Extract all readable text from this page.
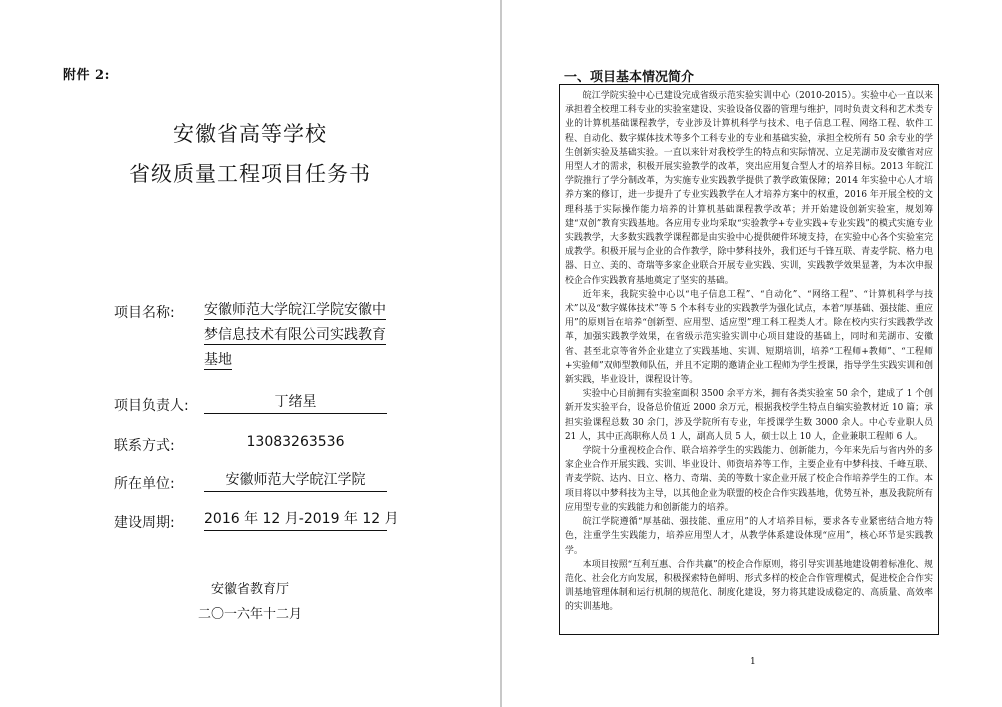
附件 2:
安徽省高等学校
省级质量工程项目任务书
项目名称: 安徽师范大学皖江学院安徽中梦信息技术有限公司实践教育基地
项目负责人:	丁绪星
联系方式:	13083263536
所在单位:	安徽师范大学皖江学院
建设周期: 2016 年 12 月-2019 年 12 月
安徽省教育厅
二〇一六年十二月
一、项目基本情况简介

皖江学院实验中心已建设完成省级示范实验实训中心（2010-2015）。实验中心一直以来承担着全校理工科专业的实验室建设、实验设备仪器的管理与维护，同时负责文科和艺术类专业的计算机基础课程教学，专业涉及计算机科学与技术、电子信息工程、网络工程、软件工程、自动化、数字媒体技术等多个工科专业的专业和基础实验，承担全校所有 50 余专业的学生创新实验及基础实验。一直以来针对我校学生的特点和实际情况、立足芜湖市及安徽省对应用型人才的需求，积极开展实验教学的改革，突出应用复合型人才的培养目标。2013 年皖江学院推行了学分制改革，为实施专业实践教学提供了教学政策保障；2014 年实验中心人才培养方案的修订，进一步提升了专业实践教学在人才培养方案中的权重，2016 年开展全校的文理科基于实际操作能力培养的计算机基础课程教学改革；并开始建设创新实验室，规划筹建“双创”教育实践基地。各应用专业均采取“实验教学+专业实践+专业实践”的模式实施专业实践教学，大多数实践教学课程都是由实验中心提供硬件环境支持，在实验中心各个实验室完成教学。积极开展与企业的合作教学，除中梦科技外，我们还与千锋互联、青麦学院、格力电器、日立、美的、奇瑞等多家企业联合开展专业实践、实训，实践教学效果显著，为本次申报校企合作实践教育基地奠定了坚实的基础。

近年来，我院实验中心以“电子信息工程”、“自动化”、“网络工程”、“计算机科学与技术”以及“数字媒体技术”等 5 个本科专业的实践教学为强化试点，本着“厚基础、强技能、重应用”的原则旨在培养“创新型、应用型、适应型”理工科工程类人才。除在校内实行实践教学改革，加强实践教学效果，在省级示范实验实训中心项目建设的基础上，同时和芜湖市、安徽省、甚至北京等省外企业建立了实践基地、实训、短期培训，培养“工程师+教师”、“工程师+实验师”双师型教师队伍，并且不定期的邀请企业工程师为学生授课，指导学生实践实训和创新实践，毕业设计，课程设计等。

实验中心目前拥有实验室面积 3500 余平方米，拥有各类实验室 50 余个，建成了 1 个创新开发实验平台，设备总价值近 2000 余万元，根据我校学生特点自编实验教材近 10 篇；承担实验课程总数 30 余门，涉及学院所有专业，年授课学生数 3000 余人。中心专业职人员 21 人，其中正高职称人员 1 人，副高人员 5 人，硕士以上 10 人，企业兼职工程师 6 人。

学院十分重视校企合作、联合培养学生的实践能力、创新能力，今年来先后与省内外的多家企业合作开展实践、实训、毕业设计、师资培养等工作，主要企业有中梦科技、千峰互联、青麦学院、达内、日立、格力、奇瑞、美的等数十家企业开展了校企合作培养学生的工作。本项目将以中梦科技为主导，以其他企业为联盟的校企合作实践基地，优势互补，惠及我院所有应用型专业的实践能力和创新能力的培养。

皖江学院遵循“厚基础、强技能、重应用”的人才培养目标，要求各专业紧密结合地方特色，注重学生实践能力，培养应用型人才，从教学体系建设体现“应用”，核心环节是实践教学。

本项目按照“互利互惠、合作共赢”的校企合作原则，将引导实训基地建设朝着标准化、规范化、社会化方向发展，积极探索特色鲜明、形式多样的校企合作管理模式，促进校企合作实训基地管理体制和运行机制的规范化、制度化建设，努力将其建设成稳定的、高质量、高效率的实训基地。

1
